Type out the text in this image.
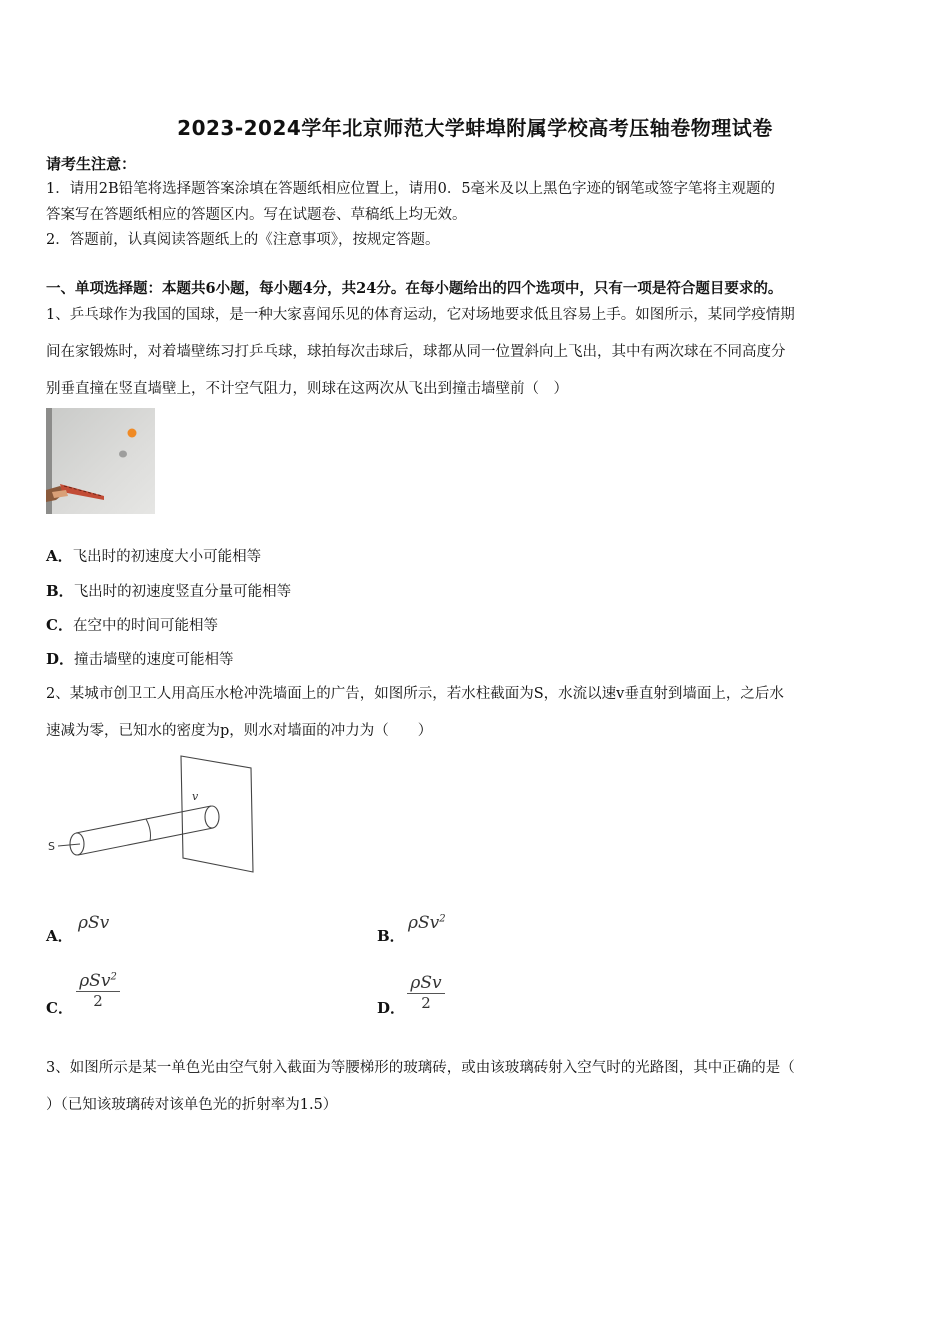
2023-2024学年北京师范大学蚌埠附属学校高考压轴卷物理试卷
请考生注意：
1．请用2B铅笔将选择题答案涂填在答题纸相应位置上，请用0．5毫米及以上黑色字迹的钢笔或签字笔将主观题的
答案写在答题纸相应的答题区内。写在试题卷、草稿纸上均无效。
2．答题前，认真阅读答题纸上的《注意事项》，按规定答题。
一、单项选择题：本题共6小题，每小题4分，共24分。在每小题给出的四个选项中，只有一项是符合题目要求的。
1、乒乓球作为我国的国球，是一种大家喜闻乐见的体育运动，它对场地要求低且容易上手。如图所示，某同学疫情期
间在家锻炼时，对着墙壁练习打乒乓球，球拍每次击球后，球都从同一位置斜向上飞出，其中有两次球在不同高度分
别垂直撞在竖直墙壁上，不计空气阻力，则球在这两次从飞出到撞击墙壁前（　）
A．飞出时的初速度大小可能相等
B．飞出时的初速度竖直分量可能相等
C．在空中的时间可能相等
D．撞击墙壁的速度可能相等
2、某城市创卫工人用高压水枪冲洗墙面上的广告，如图所示，若水柱截面为S，水流以速v垂直射到墙面上，之后水
速减为零，已知水的密度为p，则水对墙面的冲力为（　　）
S
v
A．
ρSv
B．
ρSv$^2$
C．
ρSv$^2$
2	D．
ρSv
2
3、如图所示是某一单色光由空气射入截面为等腰梯形的玻璃砖，或由该玻璃砖射入空气时的光路图，其中正确的是（
）（已知该玻璃砖对该单色光的折射率为1.5）
